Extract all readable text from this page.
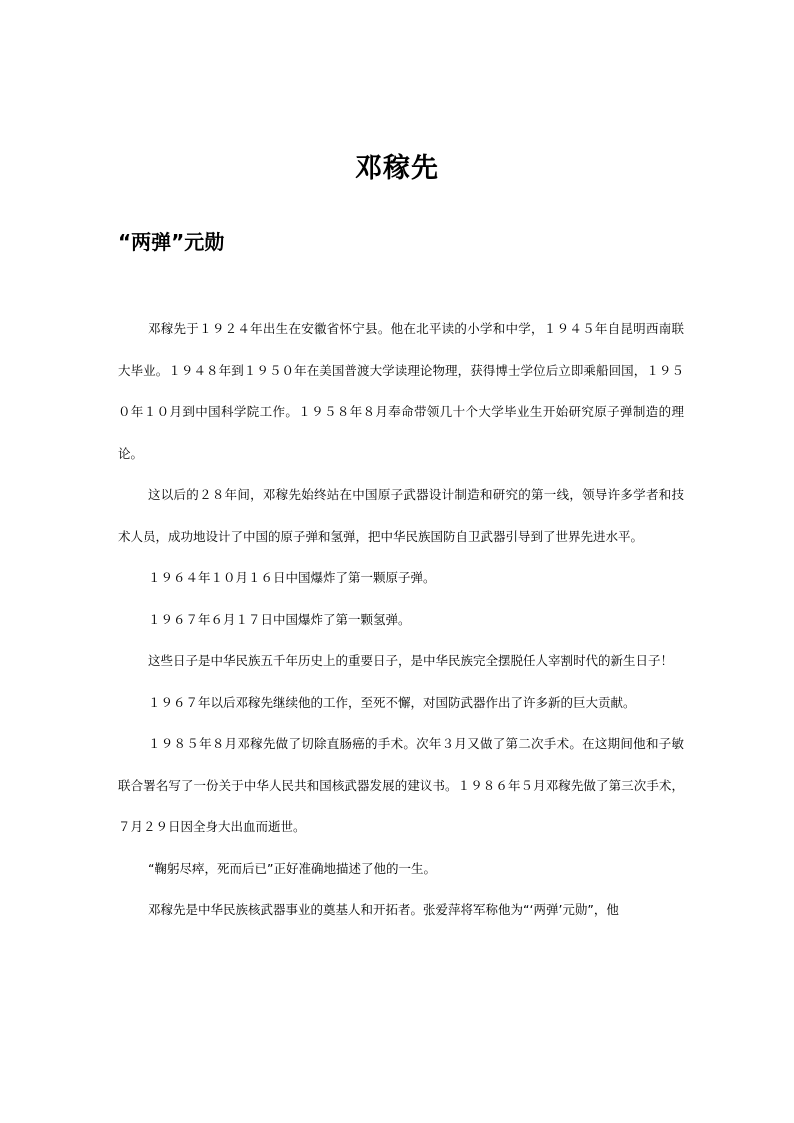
邓稼先
“两弹”元勋

邓稼先于１９２４年出生在安徽省怀宁县。他在北平读的小学和中学，１９４５年自昆明西南联大毕业。１９４８年到１９５０年在美国普渡大学读理论物理，获得博士学位后立即乘船回国，１９５０年１０月到中国科学院工作。１９５８年８月奉命带领几十个大学毕业生开始研究原子弹制造的理论。

这以后的２８年间，邓稼先始终站在中国原子武器设计制造和研究的第一线，领导许多学者和技术人员，成功地设计了中国的原子弹和氢弹，把中华民族国防自卫武器引导到了世界先进水平。

１９６４年１０月１６日中国爆炸了第一颗原子弹。

１９６７年６月１７日中国爆炸了第一颗氢弹。

这些日子是中华民族五千年历史上的重要日子，是中华民族完全摆脱任人宰割时代的新生日子！

１９６７年以后邓稼先继续他的工作，至死不懈，对国防武器作出了许多新的巨大贡献。

１９８５年８月邓稼先做了切除直肠癌的手术。次年３月又做了第二次手术。在这期间他和子敏联合署名写了一份关于中华人民共和国核武器发展的建议书。１９８６年５月邓稼先做了第三次手术，７月２９日因全身大出血而逝世。

“鞠躬尽瘁，死而后已”正好准确地描述了他的一生。

邓稼先是中华民族核武器事业的奠基人和开拓者。张爱萍将军称他为“‘两弹’元勋”，他
